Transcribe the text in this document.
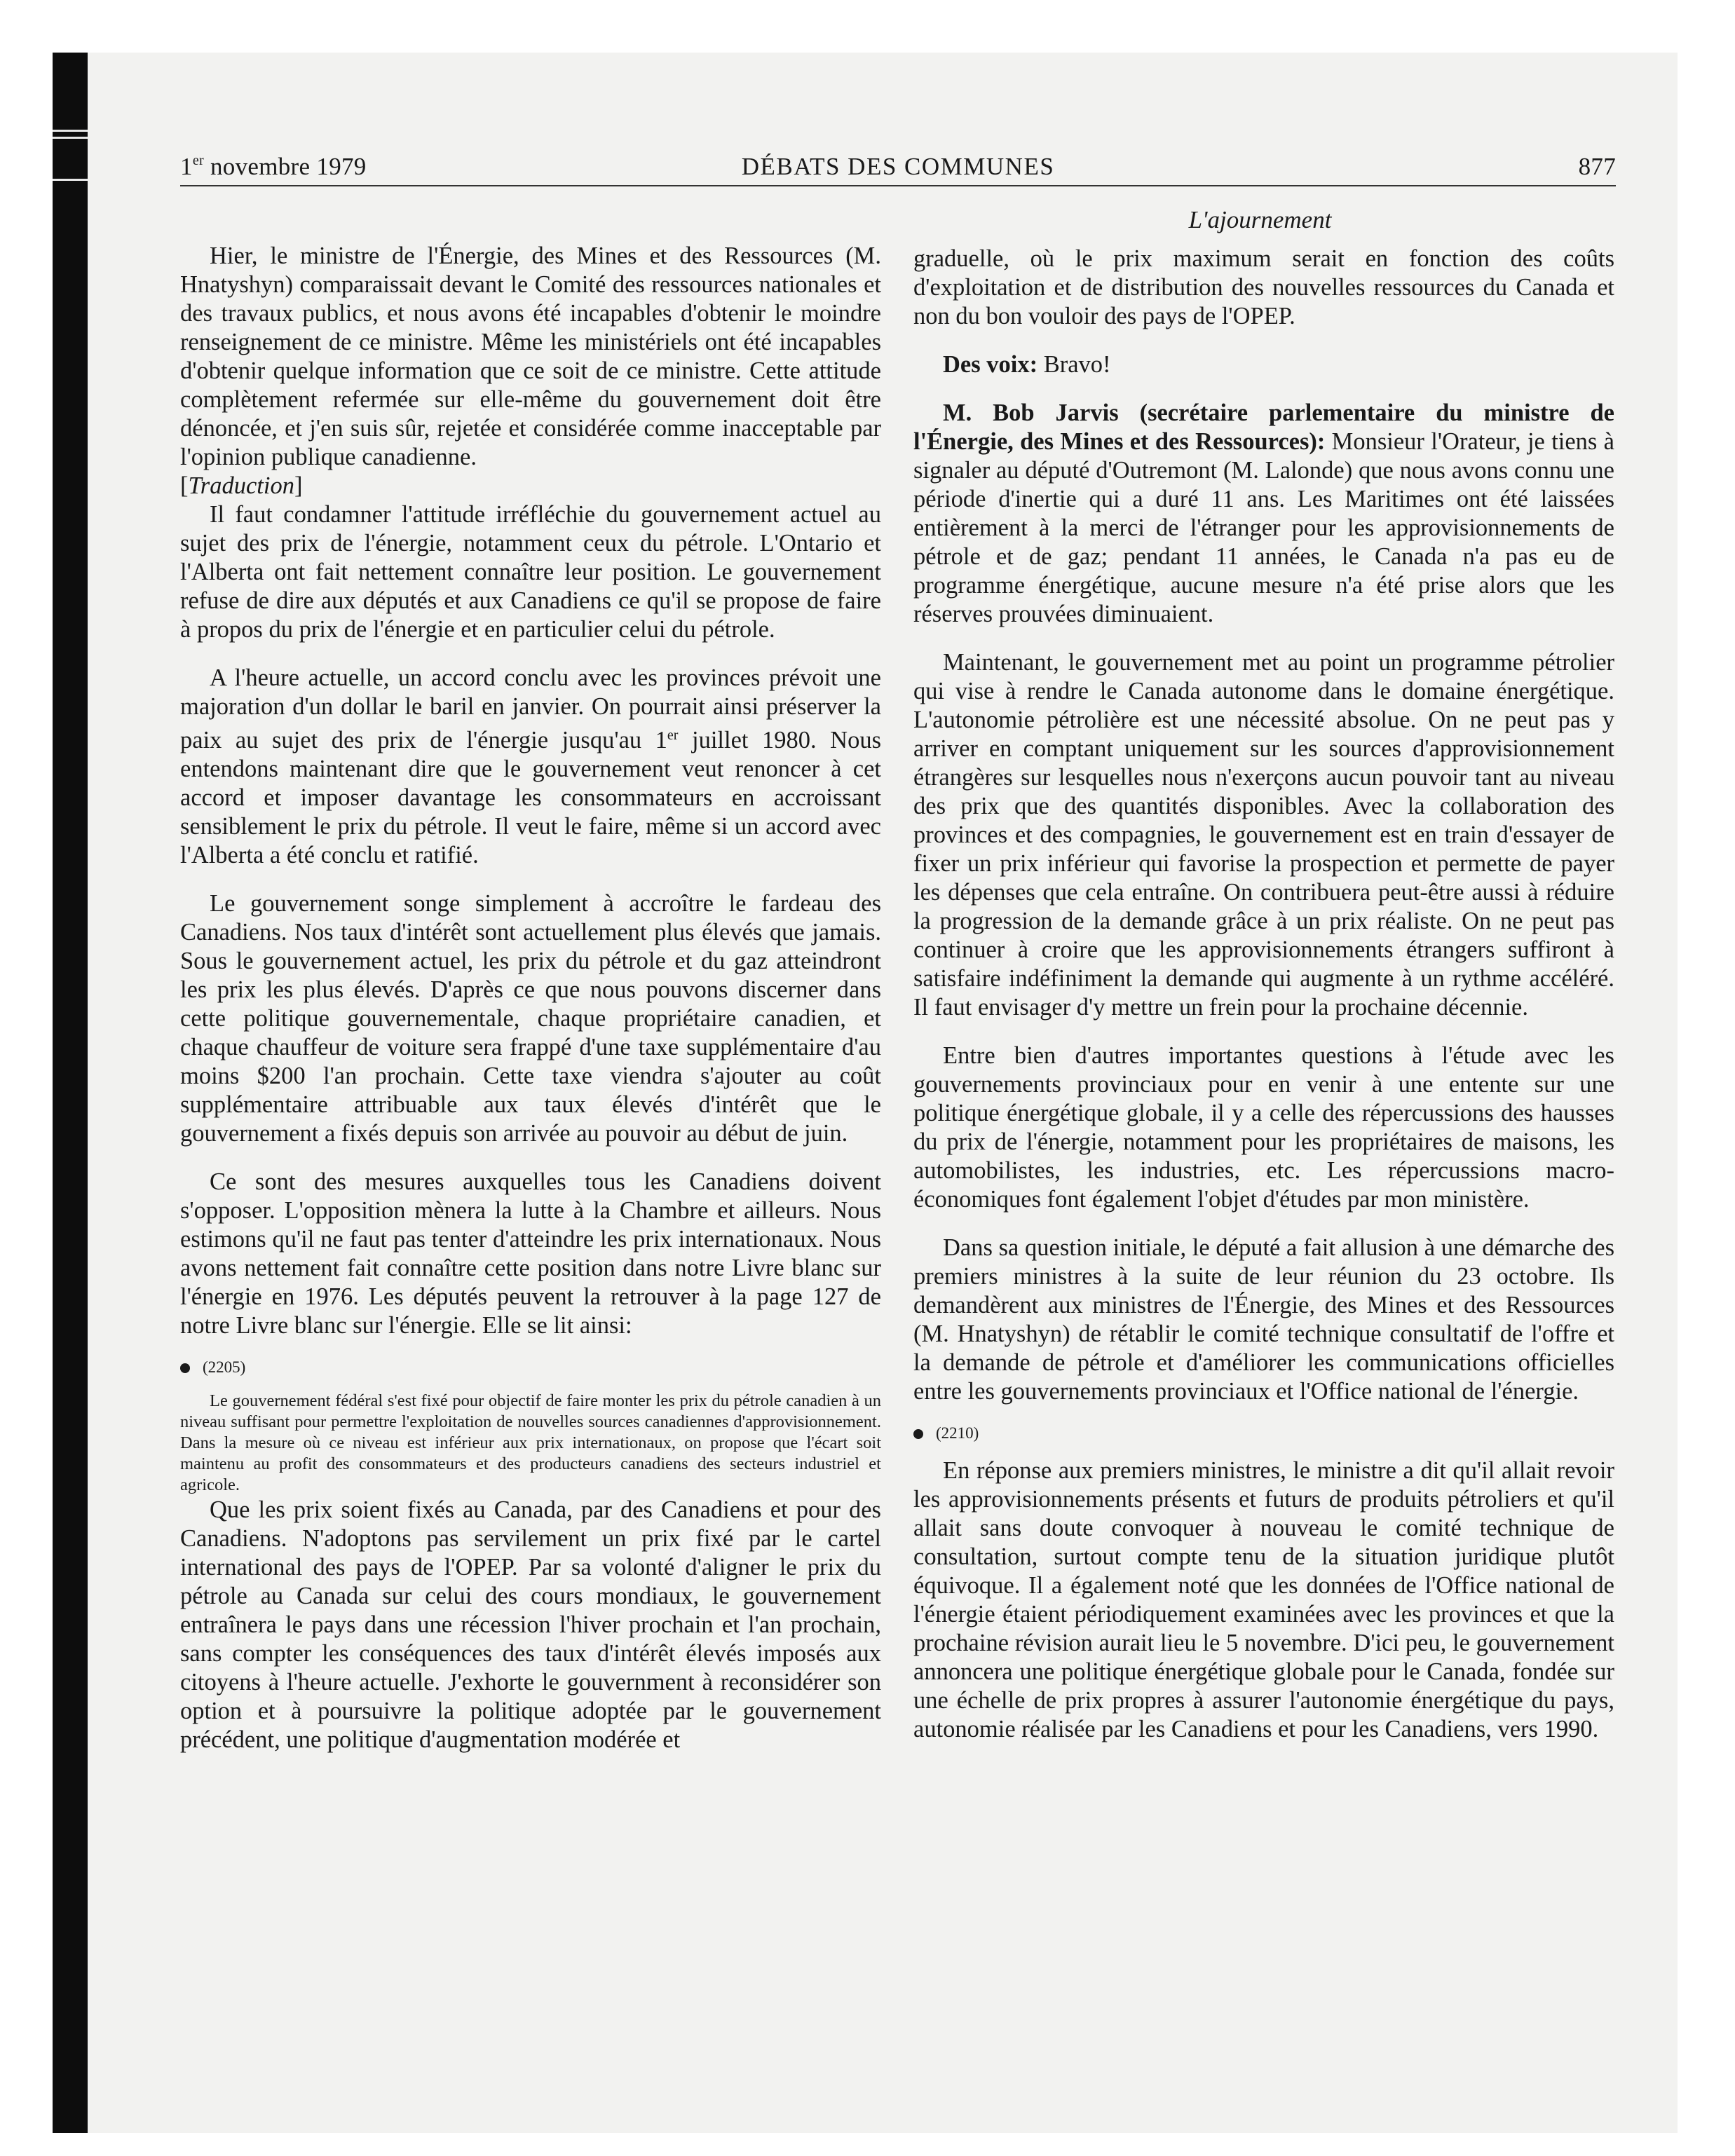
1er novembre 1979	DÉBATS DES COMMUNES	877
L'ajournement

Hier, le ministre de l'Énergie, des Mines et des Ressources (M. Hnatyshyn) comparaissait devant le Comité des ressources nationales et des travaux publics, et nous avons été incapables d'obtenir le moindre renseignement de ce ministre. Même les ministériels ont été incapables d'obtenir quelque information que ce soit de ce ministre. Cette attitude complètement refermée sur elle-même du gouvernement doit être dénoncée, et j'en suis sûr, rejetée et considérée comme inacceptable par l'opinion publique canadienne.

[Traduction]

Il faut condamner l'attitude irréfléchie du gouvernement actuel au sujet des prix de l'énergie, notamment ceux du pétrole. L'Ontario et l'Alberta ont fait nettement connaître leur position. Le gouvernement refuse de dire aux députés et aux Canadiens ce qu'il se propose de faire à propos du prix de l'énergie et en particulier celui du pétrole.

A l'heure actuelle, un accord conclu avec les provinces prévoit une majoration d'un dollar le baril en janvier. On pourrait ainsi préserver la paix au sujet des prix de l'énergie jusqu'au 1er juillet 1980. Nous entendons maintenant dire que le gouvernement veut renoncer à cet accord et imposer davantage les consommateurs en accroissant sensiblement le prix du pétrole. Il veut le faire, même si un accord avec l'Alberta a été conclu et ratifié.

Le gouvernement songe simplement à accroître le fardeau des Canadiens. Nos taux d'intérêt sont actuellement plus élevés que jamais. Sous le gouvernement actuel, les prix du pétrole et du gaz atteindront les prix les plus élevés. D'après ce que nous pouvons discerner dans cette politique gouvernementale, chaque propriétaire canadien, et chaque chauffeur de voiture sera frappé d'une taxe supplémentaire d'au moins $200 l'an prochain. Cette taxe viendra s'ajouter au coût supplémentaire attribuable aux taux élevés d'intérêt que le gouvernement a fixés depuis son arrivée au pouvoir au début de juin.

Ce sont des mesures auxquelles tous les Canadiens doivent s'opposer. L'opposition mènera la lutte à la Chambre et ailleurs. Nous estimons qu'il ne faut pas tenter d'atteindre les prix internationaux. Nous avons nettement fait connaître cette position dans notre Livre blanc sur l'énergie en 1976. Les députés peuvent la retrouver à la page 127 de notre Livre blanc sur l'énergie. Elle se lit ainsi:

(2205)

Le gouvernement fédéral s'est fixé pour objectif de faire monter les prix du pétrole canadien à un niveau suffisant pour permettre l'exploitation de nouvelles sources canadiennes d'approvisionnement. Dans la mesure où ce niveau est inférieur aux prix internationaux, on propose que l'écart soit maintenu au profit des consommateurs et des producteurs canadiens des secteurs industriel et agricole.

Que les prix soient fixés au Canada, par des Canadiens et pour des Canadiens. N'adoptons pas servilement un prix fixé par le cartel international des pays de l'OPEP. Par sa volonté d'aligner le prix du pétrole au Canada sur celui des cours mondiaux, le gouvernement entraînera le pays dans une récession l'hiver prochain et l'an prochain, sans compter les conséquences des taux d'intérêt élevés imposés aux citoyens à l'heure actuelle. J'exhorte le gouvernment à reconsidérer son option et à poursuivre la politique adoptée par le gouvernement précédent, une politique d'augmentation modérée et

graduelle, où le prix maximum serait en fonction des coûts d'exploitation et de distribution des nouvelles ressources du Canada et non du bon vouloir des pays de l'OPEP.

Des voix: Bravo!

M. Bob Jarvis (secrétaire parlementaire du ministre de l'Énergie, des Mines et des Ressources): Monsieur l'Orateur, je tiens à signaler au député d'Outremont (M. Lalonde) que nous avons connu une période d'inertie qui a duré 11 ans. Les Maritimes ont été laissées entièrement à la merci de l'étranger pour les approvisionnements de pétrole et de gaz; pendant 11 années, le Canada n'a pas eu de programme énergétique, aucune mesure n'a été prise alors que les réserves prouvées diminuaient.

Maintenant, le gouvernement met au point un programme pétrolier qui vise à rendre le Canada autonome dans le domaine énergétique. L'autonomie pétrolière est une nécessité absolue. On ne peut pas y arriver en comptant uniquement sur les sources d'approvisionnement étrangères sur lesquelles nous n'exerçons aucun pouvoir tant au niveau des prix que des quantités disponibles. Avec la collaboration des provinces et des compagnies, le gouvernement est en train d'essayer de fixer un prix inférieur qui favorise la prospection et permette de payer les dépenses que cela entraîne. On contribuera peut-être aussi à réduire la progression de la demande grâce à un prix réaliste. On ne peut pas continuer à croire que les approvisionnements étrangers suffiront à satisfaire indéfiniment la demande qui augmente à un rythme accéléré. Il faut envisager d'y mettre un frein pour la prochaine décennie.

Entre bien d'autres importantes questions à l'étude avec les gouvernements provinciaux pour en venir à une entente sur une politique énergétique globale, il y a celle des répercussions des hausses du prix de l'énergie, notamment pour les propriétaires de maisons, les automobilistes, les industries, etc. Les répercussions macro-économiques font également l'objet d'études par mon ministère.

Dans sa question initiale, le député a fait allusion à une démarche des premiers ministres à la suite de leur réunion du 23 octobre. Ils demandèrent aux ministres de l'Énergie, des Mines et des Ressources (M. Hnatyshyn) de rétablir le comité technique consultatif de l'offre et la demande de pétrole et d'améliorer les communications officielles entre les gouvernements provinciaux et l'Office national de l'énergie.

(2210)

En réponse aux premiers ministres, le ministre a dit qu'il allait revoir les approvisionnements présents et futurs de produits pétroliers et qu'il allait sans doute convoquer à nouveau le comité technique de consultation, surtout compte tenu de la situation juridique plutôt équivoque. Il a également noté que les données de l'Office national de l'énergie étaient périodiquement examinées avec les provinces et que la prochaine révision aurait lieu le 5 novembre. D'ici peu, le gouvernement annoncera une politique énergétique globale pour le Canada, fondée sur une échelle de prix propres à assurer l'autonomie énergétique du pays, autonomie réalisée par les Canadiens et pour les Canadiens, vers 1990.
